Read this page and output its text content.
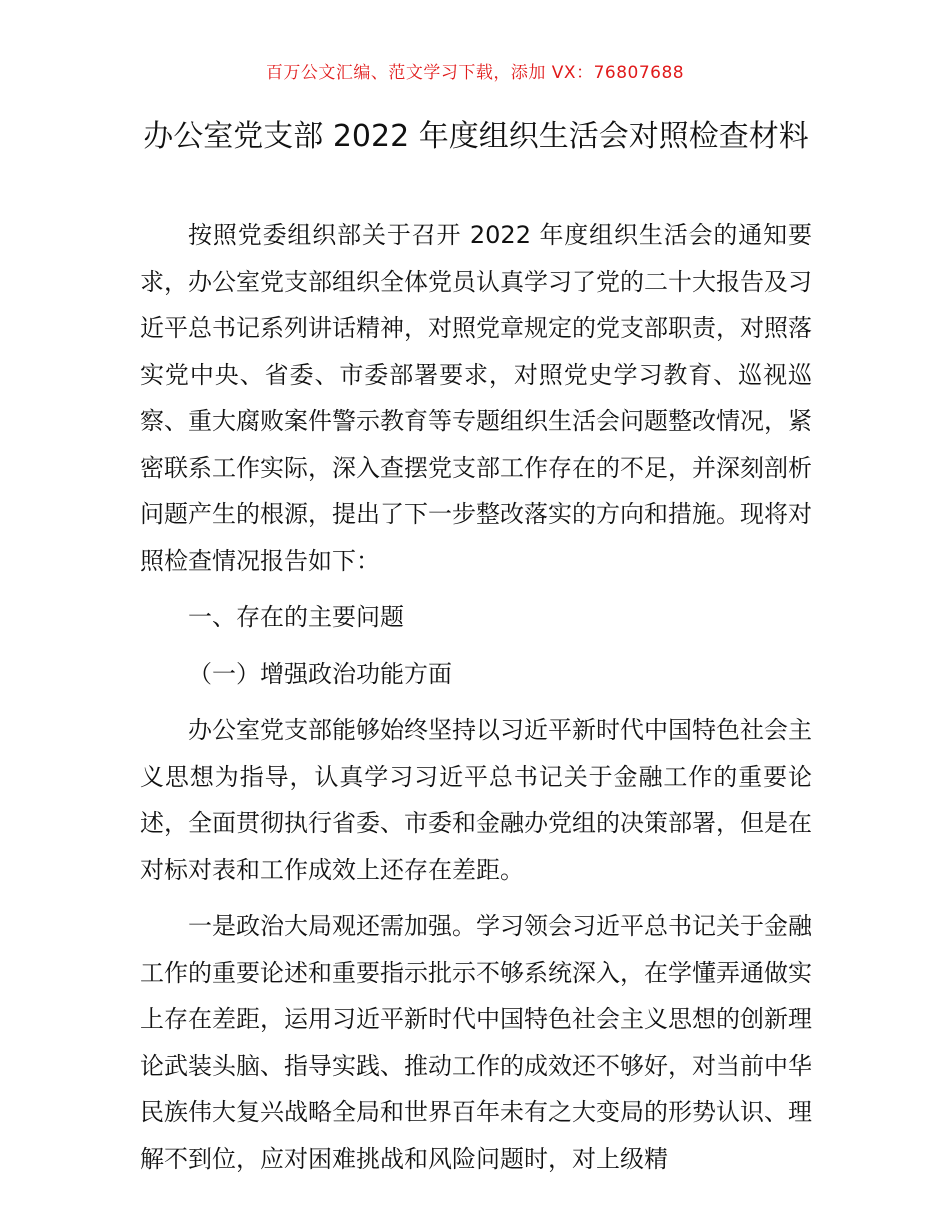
百万公文汇编、范文学习下载，添加 VX：76807688
办公室党支部 2022 年度组织生活会对照检查材料

按照党委组织部关于召开 2022 年度组织生活会的通知要求，办公室党支部组织全体党员认真学习了党的二十大报告及习近平总书记系列讲话精神，对照党章规定的党支部职责，对照落实党中央、省委、市委部署要求，对照党史学习教育、巡视巡察、重大腐败案件警示教育等专题组织生活会问题整改情况，紧密联系工作实际，深入查摆党支部工作存在的不足，并深刻剖析问题产生的根源，提出了下一步整改落实的方向和措施。现将对照检查情况报告如下：

一、存在的主要问题

（一）增强政治功能方面

办公室党支部能够始终坚持以习近平新时代中国特色社会主义思想为指导，认真学习习近平总书记关于金融工作的重要论述，全面贯彻执行省委、市委和金融办党组的决策部署，但是在对标对表和工作成效上还存在差距。

一是政治大局观还需加强。学习领会习近平总书记关于金融工作的重要论述和重要指示批示不够系统深入，在学懂弄通做实上存在差距，运用习近平新时代中国特色社会主义思想的创新理论武装头脑、指导实践、推动工作的成效还不够好，对当前中华民族伟大复兴战略全局和世界百年未有之大变局的形势认识、理解不到位，应对困难挑战和风险问题时，对上级精
